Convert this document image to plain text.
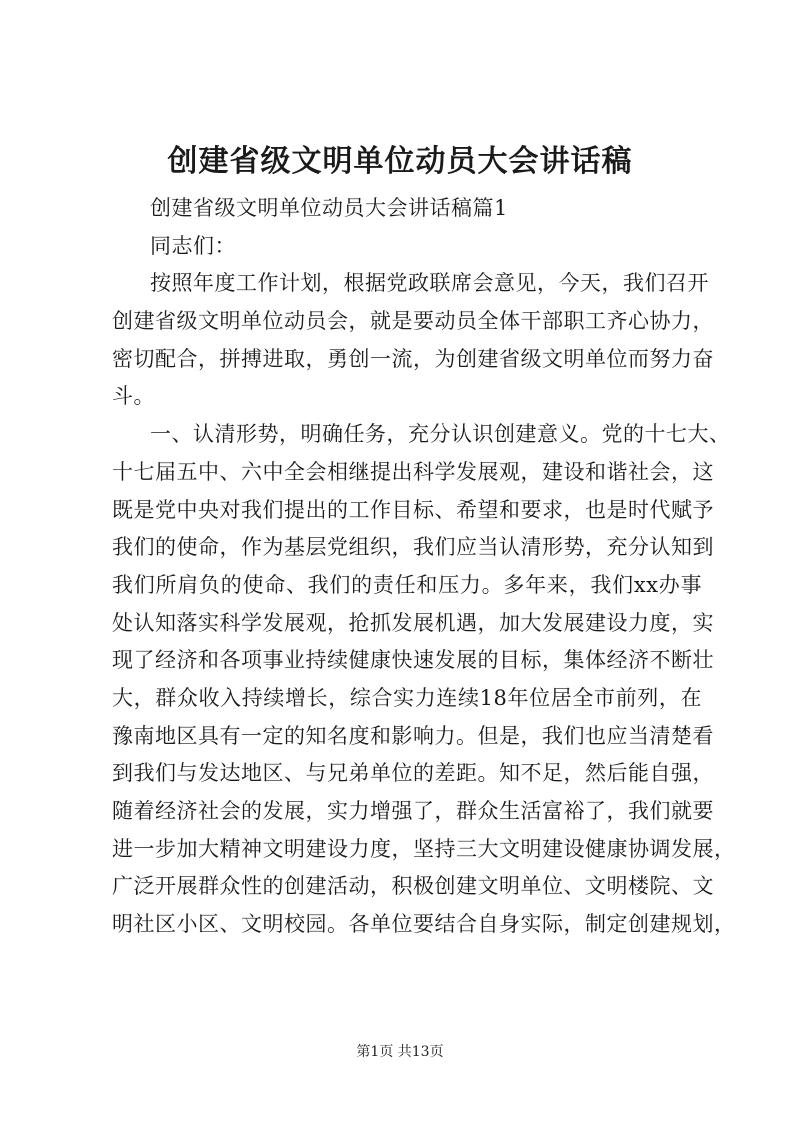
创建省级文明单位动员大会讲话稿
创建省级文明单位动员大会讲话稿篇1
同志们：
按照年度工作计划，根据党政联席会意见，今天，我们召开
创建省级文明单位动员会，就是要动员全体干部职工齐心协力，
密切配合，拼搏进取，勇创一流，为创建省级文明单位而努力奋
斗。
一、认清形势，明确任务，充分认识创建意义。党的十七大、
十七届五中、六中全会相继提出科学发展观，建设和谐社会，这
既是党中央对我们提出的工作目标、希望和要求，也是时代赋予
我们的使命，作为基层党组织，我们应当认清形势，充分认知到
我们所肩负的使命、我们的责任和压力。多年来，我们xx办事
处认知落实科学发展观，抢抓发展机遇，加大发展建设力度，实
现了经济和各项事业持续健康快速发展的目标，集体经济不断壮
大，群众收入持续增长，综合实力连续18年位居全市前列，在
豫南地区具有一定的知名度和影响力。但是，我们也应当清楚看
到我们与发达地区、与兄弟单位的差距。知不足，然后能自强，
随着经济社会的发展，实力增强了，群众生活富裕了，我们就要
进一步加大精神文明建设力度，坚持三大文明建设健康协调发展，
广泛开展群众性的创建活动，积极创建文明单位、文明楼院、文
明社区小区、文明校园。各单位要结合自身实际，制定创建规划，
第1页 共13页
